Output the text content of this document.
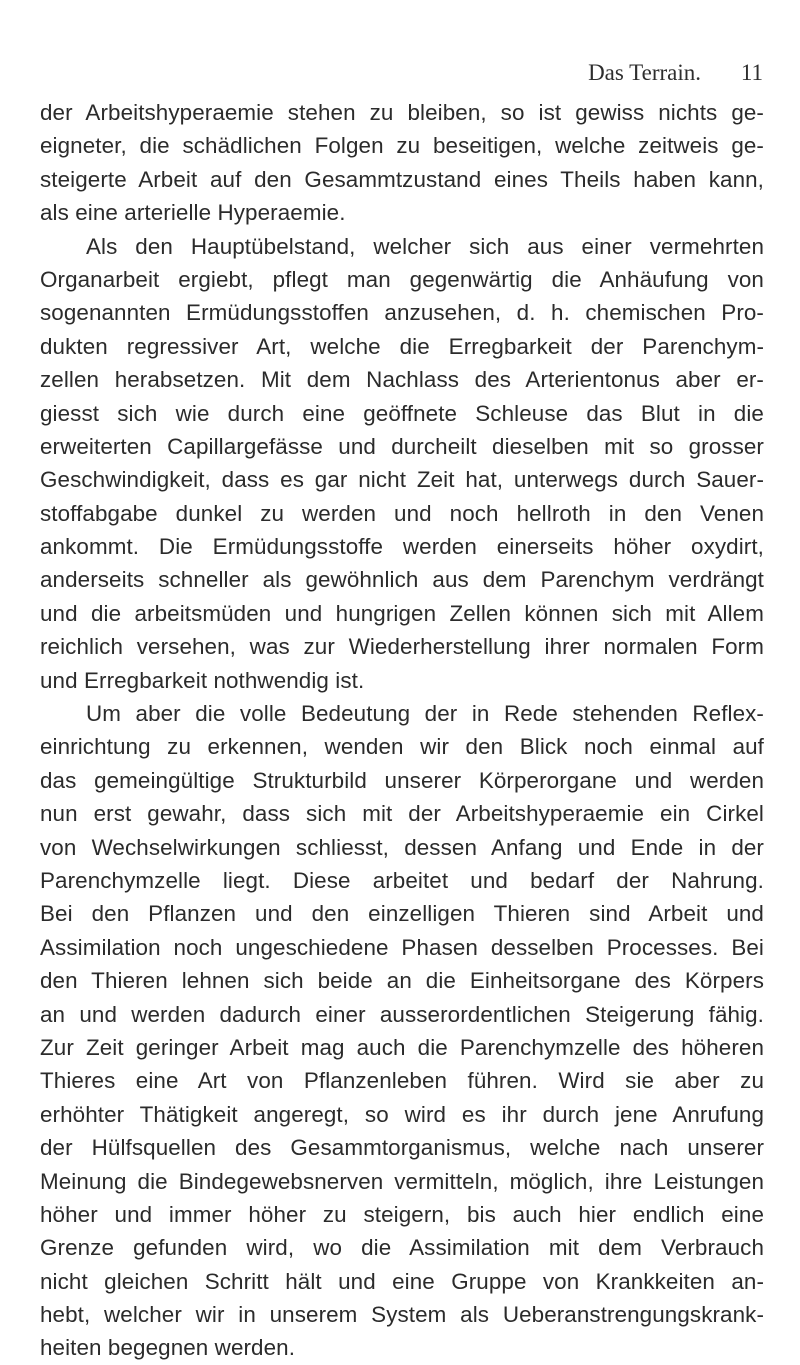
Das Terrain. 11
der Arbeitshyperaemie stehen zu bleiben, so ist gewiss nichts ge-
eigneter, die schädlichen Folgen zu beseitigen, welche zeitweis ge-
steigerte Arbeit auf den Gesammtzustand eines Theils haben kann,
als eine arterielle Hyperaemie.
Als den Hauptübelstand, welcher sich aus einer vermehrten
Organarbeit ergiebt, pflegt man gegenwärtig die Anhäufung von
sogenannten Ermüdungsstoffen anzusehen, d. h. chemischen Pro-
dukten regressiver Art, welche die Erregbarkeit der Parenchym-
zellen herabsetzen. Mit dem Nachlass des Arterientonus aber er-
giesst sich wie durch eine geöffnete Schleuse das Blut in die
erweiterten Capillargefässe und durcheilt dieselben mit so grosser
Geschwindigkeit, dass es gar nicht Zeit hat, unterwegs durch Sauer-
stoffabgabe dunkel zu werden und noch hellroth in den Venen
ankommt. Die Ermüdungsstoffe werden einerseits höher oxydirt,
anderseits schneller als gewöhnlich aus dem Parenchym verdrängt
und die arbeitsmüden und hungrigen Zellen können sich mit Allem
reichlich versehen, was zur Wiederherstellung ihrer normalen Form
und Erregbarkeit nothwendig ist.
Um aber die volle Bedeutung der in Rede stehenden Reflex-
einrichtung zu erkennen, wenden wir den Blick noch einmal auf
das gemeingültige Strukturbild unserer Körperorgane und werden
nun erst gewahr, dass sich mit der Arbeitshyperaemie ein Cirkel
von Wechselwirkungen schliesst, dessen Anfang und Ende in der
Parenchymzelle liegt. Diese arbeitet und bedarf der Nahrung.
Bei den Pflanzen und den einzelligen Thieren sind Arbeit und
Assimilation noch ungeschiedene Phasen desselben Processes. Bei
den Thieren lehnen sich beide an die Einheitsorgane des Körpers
an und werden dadurch einer ausserordentlichen Steigerung fähig.
Zur Zeit geringer Arbeit mag auch die Parenchymzelle des höheren
Thieres eine Art von Pflanzenleben führen. Wird sie aber zu
erhöhter Thätigkeit angeregt, so wird es ihr durch jene Anrufung
der Hülfsquellen des Gesammtorganismus, welche nach unserer
Meinung die Bindegewebsnerven vermitteln, möglich, ihre Leistungen
höher und immer höher zu steigern, bis auch hier endlich eine
Grenze gefunden wird, wo die Assimilation mit dem Verbrauch
nicht gleichen Schritt hält und eine Gruppe von Krankkeiten an-
hebt, welcher wir in unserem System als Ueberanstrengungskrank-
heiten begegnen werden.
